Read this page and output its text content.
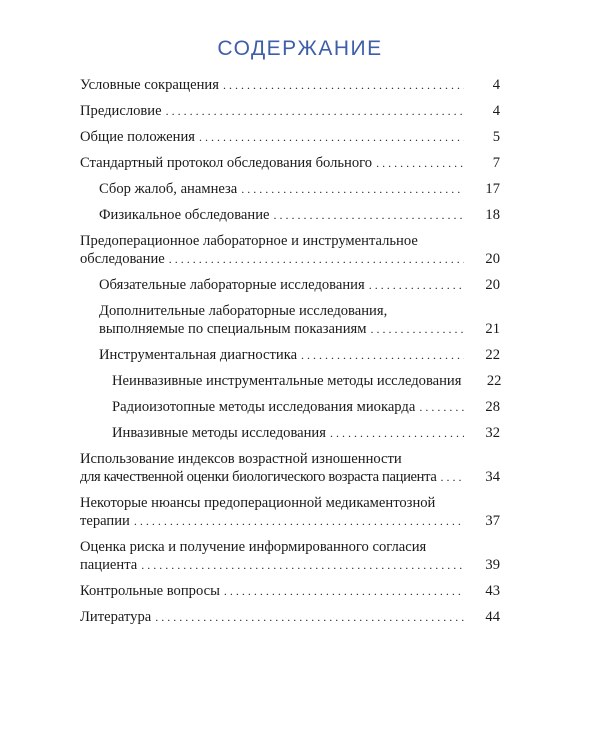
СОДЕРЖАНИЕ
Условные сокращения . . .	4
Предисловие . . .	4
Общие положения . . .	5
Стандартный протокол обследования больного . . .	7
Сбор жалоб, анамнеза . . .	17
Физикальное обследование . . .	18
Предоперационное лабораторное и инструментальное
обследование . . .	20
Обязательные лабораторные исследования . . .	20
Дополнительные лабораторные исследования,
выполняемые по специальным показаниям . . .	21
Инструментальная диагностика . . .	22
Неинвазивные инструментальные методы исследования	22
Радиоизотопные методы исследования миокарда . . .	28
Инвазивные методы исследования . . .	32
Использование индексов возрастной изношенности
для качественной оценки биологического возраста пациента . . .	34
Некоторые нюансы предоперационной медикаментозной
терапии . . .	37
Оценка риска и получение информированного согласия
пациента . . .	39
Контрольные вопросы . . .	43
Литература . . .	44
